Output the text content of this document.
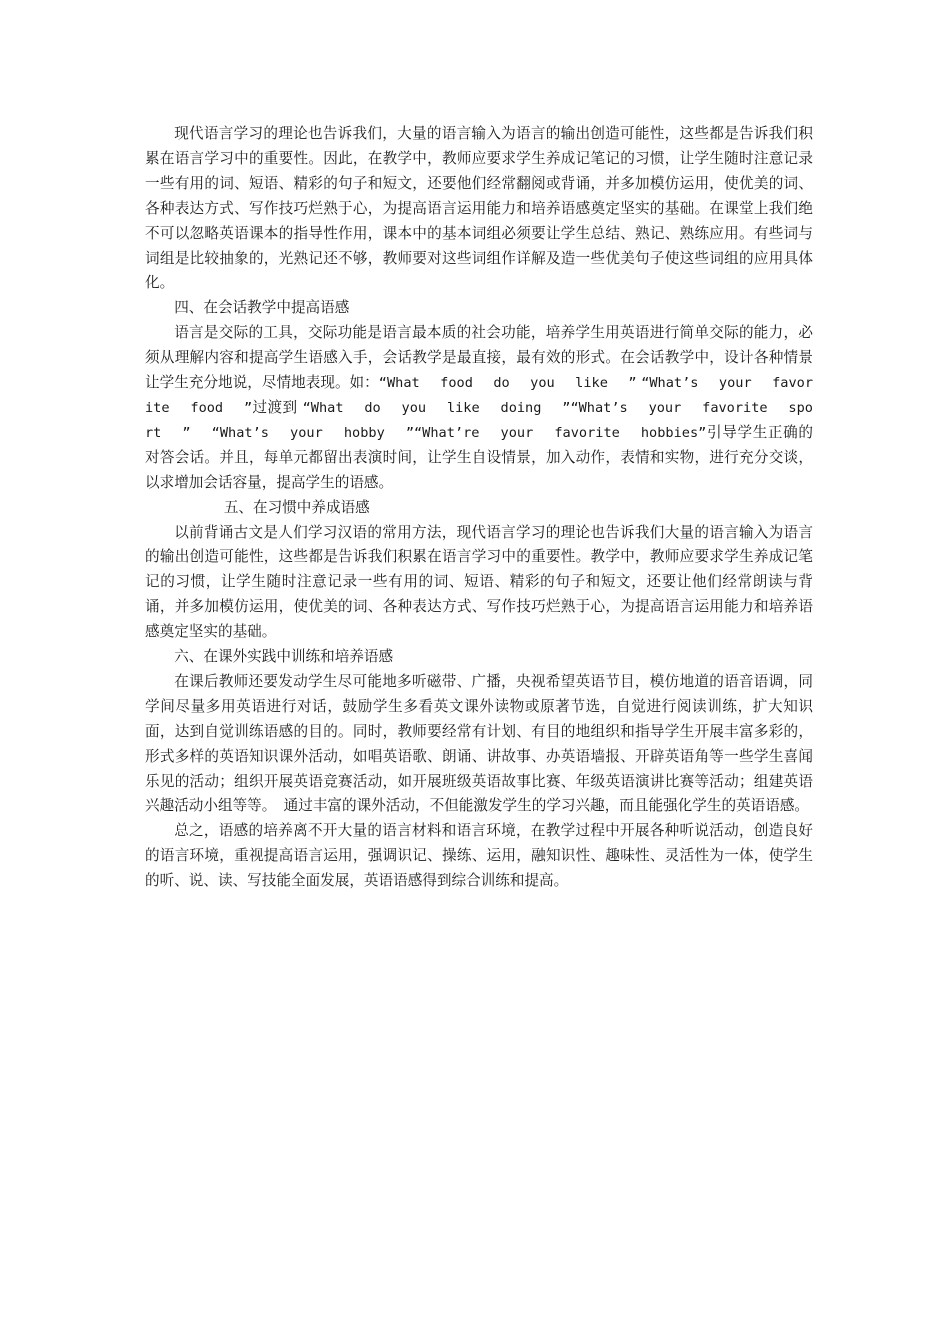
现代语言学习的理论也告诉我们，大量的语言输入为语言的输出创造可能性，这些都是告诉我们积累在语言学习中的重要性。因此，在教学中，教师应要求学生养成记笔记的习惯，让学生随时注意记录一些有用的词、短语、精彩的句子和短文，还要他们经常翻阅或背诵，并多加模仿运用，使优美的词、各种表达方式、写作技巧烂熟于心，为提高语言运用能力和培养语感奠定坚实的基础。在课堂上我们绝不可以忽略英语课本的指导性作用，课本中的基本词组必须要让学生总结、熟记、熟练应用。有些词与词组是比较抽象的，光熟记还不够，教师要对这些词组作详解及造一些优美句子使这些词组的应用具体化。

四、在会话教学中提高语感

语言是交际的工具，交际功能是语言最本质的社会功能，培养学生用英语进行简单交际的能力，必须从理解内容和提高学生语感入手，会话教学是最直接，最有效的形式。在会话教学中，设计各种情景让学生充分地说，尽情地表现。如：“What food do you like ” “What’s your favorite food ”过渡到 “What do you like doing ”“What’s your favorite sport ” “What’s your hobby ”“What’re your favorite hobbies”引导学生正确的对答会话。并且，每单元都留出表演时间，让学生自设情景，加入动作，表情和实物，进行充分交谈，以求增加会话容量，提高学生的语感。

五、在习惯中养成语感

以前背诵古文是人们学习汉语的常用方法，现代语言学习的理论也告诉我们大量的语言输入为语言的输出创造可能性，这些都是告诉我们积累在语言学习中的重要性。教学中，教师应要求学生养成记笔记的习惯，让学生随时注意记录一些有用的词、短语、精彩的句子和短文，还要让他们经常朗读与背诵，并多加模仿运用，使优美的词、各种表达方式、写作技巧烂熟于心，为提高语言运用能力和培养语感奠定坚实的基础。

六、在课外实践中训练和培养语感

在课后教师还要发动学生尽可能地多听磁带、广播，央视希望英语节目，模仿地道的语音语调，同学间尽量多用英语进行对话，鼓励学生多看英文课外读物或原著节选，自觉进行阅读训练，扩大知识面，达到自觉训练语感的目的。同时，教师要经常有计划、有目的地组织和指导学生开展丰富多彩的，形式多样的英语知识课外活动，如唱英语歌、朗诵、讲故事、办英语墙报、开辟英语角等一些学生喜闻乐见的活动；组织开展英语竞赛活动，如开展班级英语故事比赛、年级英语演讲比赛等活动；组建英语兴趣活动小组等等。　通过丰富的课外活动，不但能激发学生的学习兴趣，而且能强化学生的英语语感。

总之，语感的培养离不开大量的语言材料和语言环境，在教学过程中开展各种听说活动，创造良好的语言环境，重视提高语言运用，强调识记、操练、运用，融知识性、趣味性、灵活性为一体，使学生的听、说、读、写技能全面发展，英语语感得到综合训练和提高。
